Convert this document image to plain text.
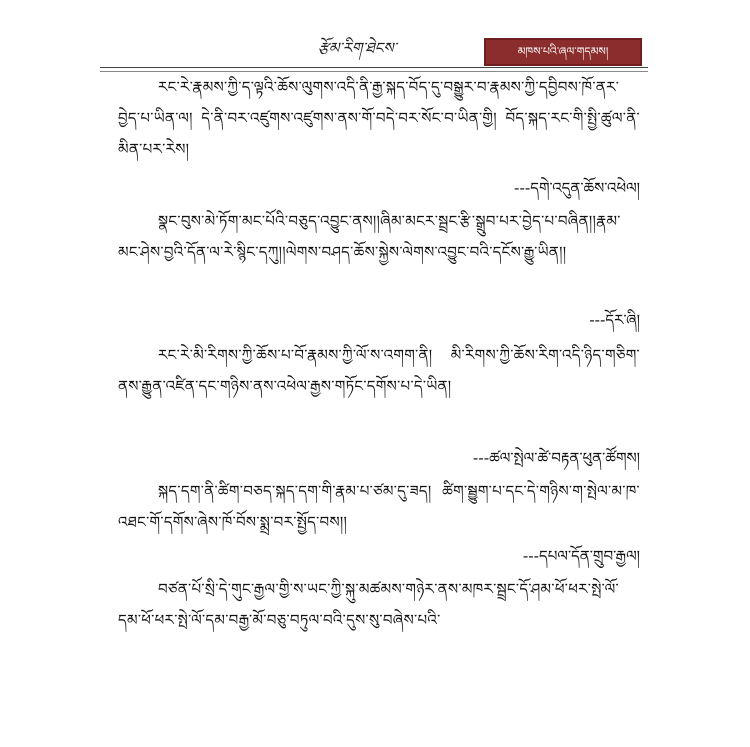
རྩོམ་རིག་ཐེངས་	མཁས་པའི་ཞལ་གདམས།

རང་རེ་རྣམས་ཀྱི་ད་ལྟའི་ཆོས་ལུགས་འདི་ནི་རྒྱ་སྐད་བོད་དུ་བསྒྱུར་བ་རྣམས་ཀྱི་དབྱིབས་ཁོ་ནར་བྱེད་པ་ཡིན་ལ། དེ་ནི་བར་འཛུགས་འཛུགས་ནས་གོ་བདེ་བར་སོང་བ་ཡིན་གྱི། བོད་སྐད་རང་གི་སྤྱི་ཚུལ་ནི་མིན་པར་རེས།

---དགེ་འདུན་ཆོས་འཕེལ།

སྣང་བུས་མེ་ཏོག་མང་པོའི་བཅུད་འབྱུང་ནས།།ཞིམ་མངར་སྦྲང་རྩི་སྒྲུབ་པར་བྱེད་པ་བཞིན།།རྣམ་མང་ཤེས་བྱའི་དོན་ལ་རེ་སྙིང་དཀུ།།ལེགས་བཤད་ཆོས་སྐྱེས་ལེགས་འབྱུང་བའི་དངོས་རྒྱུ་ཡིན།།

---དོར་ཞི།

རང་རེ་མི་རིགས་ཀྱི་ཆོས་པ་བོ་རྣམས་ཀྱི་ལོ་ས་འགག་ནི། མི་རིགས་ཀྱི་ཆོས་རིག་འདི་ཉིད་གཅིག་ནས་རྒྱུན་འཛིན་དང་གཉིས་ནས་འཕེལ་རྒྱས་གཏོང་དགོས་པ་དེ་ཡིན།

---ཚལ་སྤེལ་ཚེ་བརྟན་ཕུན་ཚོགས།

སྐད་དག་ནི་ཚིག་བཅད་སྐད་དག་གི་རྣམ་པ་ཙམ་དུ་ཟད། ཚིག་སྦྱུག་པ་དང་དེ་གཉིས་ག་སྤེལ་མ་ཁ་འཐང་གོ་དགོས་ཞེས་ཁོ་བོས་སྨྲ་བར་སྤྱོད་བས།།

---དཔལ་དོན་གྲུབ་རྒྱལ།

བཙན་པོ་སྲི་དེ་གུང་རྒྱལ་གྱི་ས་ཡང་ཀྱི་སྐུ་མཚམས་གཉེར་ནས་མཁར་སྦྲང་དོ་ཤམ་ཕོ་ཕར་སྤེ་ལོ་དམ་ཕོ་ཕར་སྤེ་ལོ་དམ་བརྒྱ་མོ་བཅུ་བཏུལ་བའི་དུས་སུ་བཞེས་པའི་
